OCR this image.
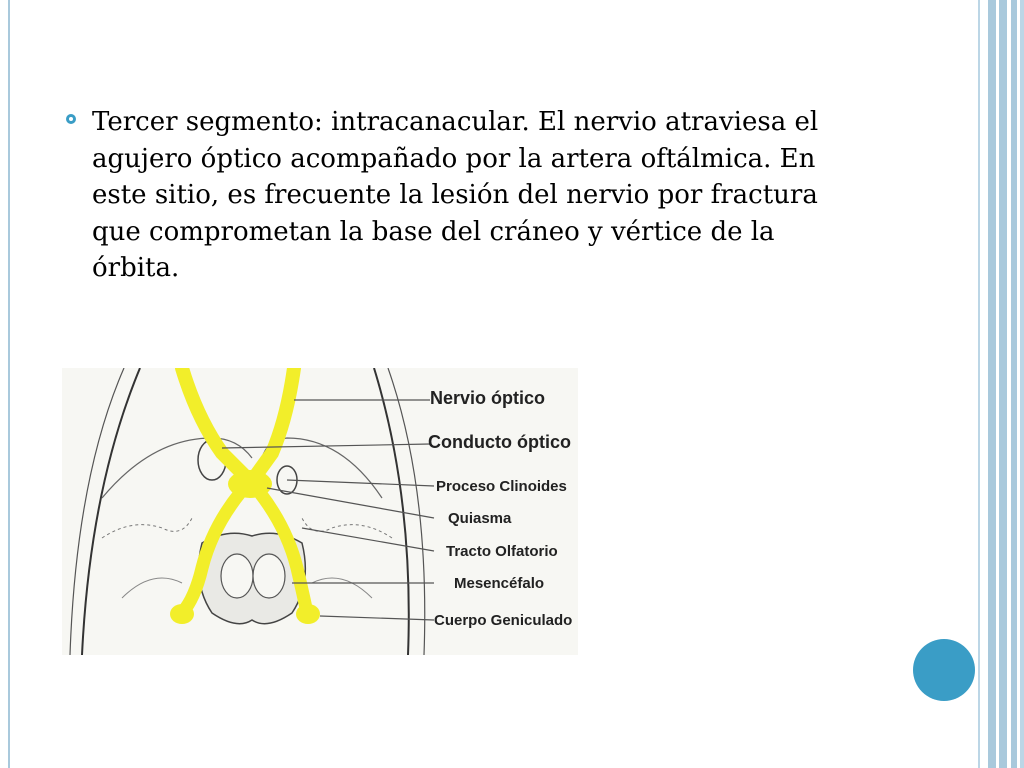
Tercer segmento: intracanacular. El nervio atraviesa el agujero óptico acompañado por la artera oftálmica. En este sitio, es frecuente la lesión del nervio por fractura que comprometan la base del cráneo y vértice de la órbita.

Nervio óptico
Conducto óptico
Proceso Clinoides
Quiasma
Tracto Olfatorio
Mesencéfalo
Cuerpo Geniculado
